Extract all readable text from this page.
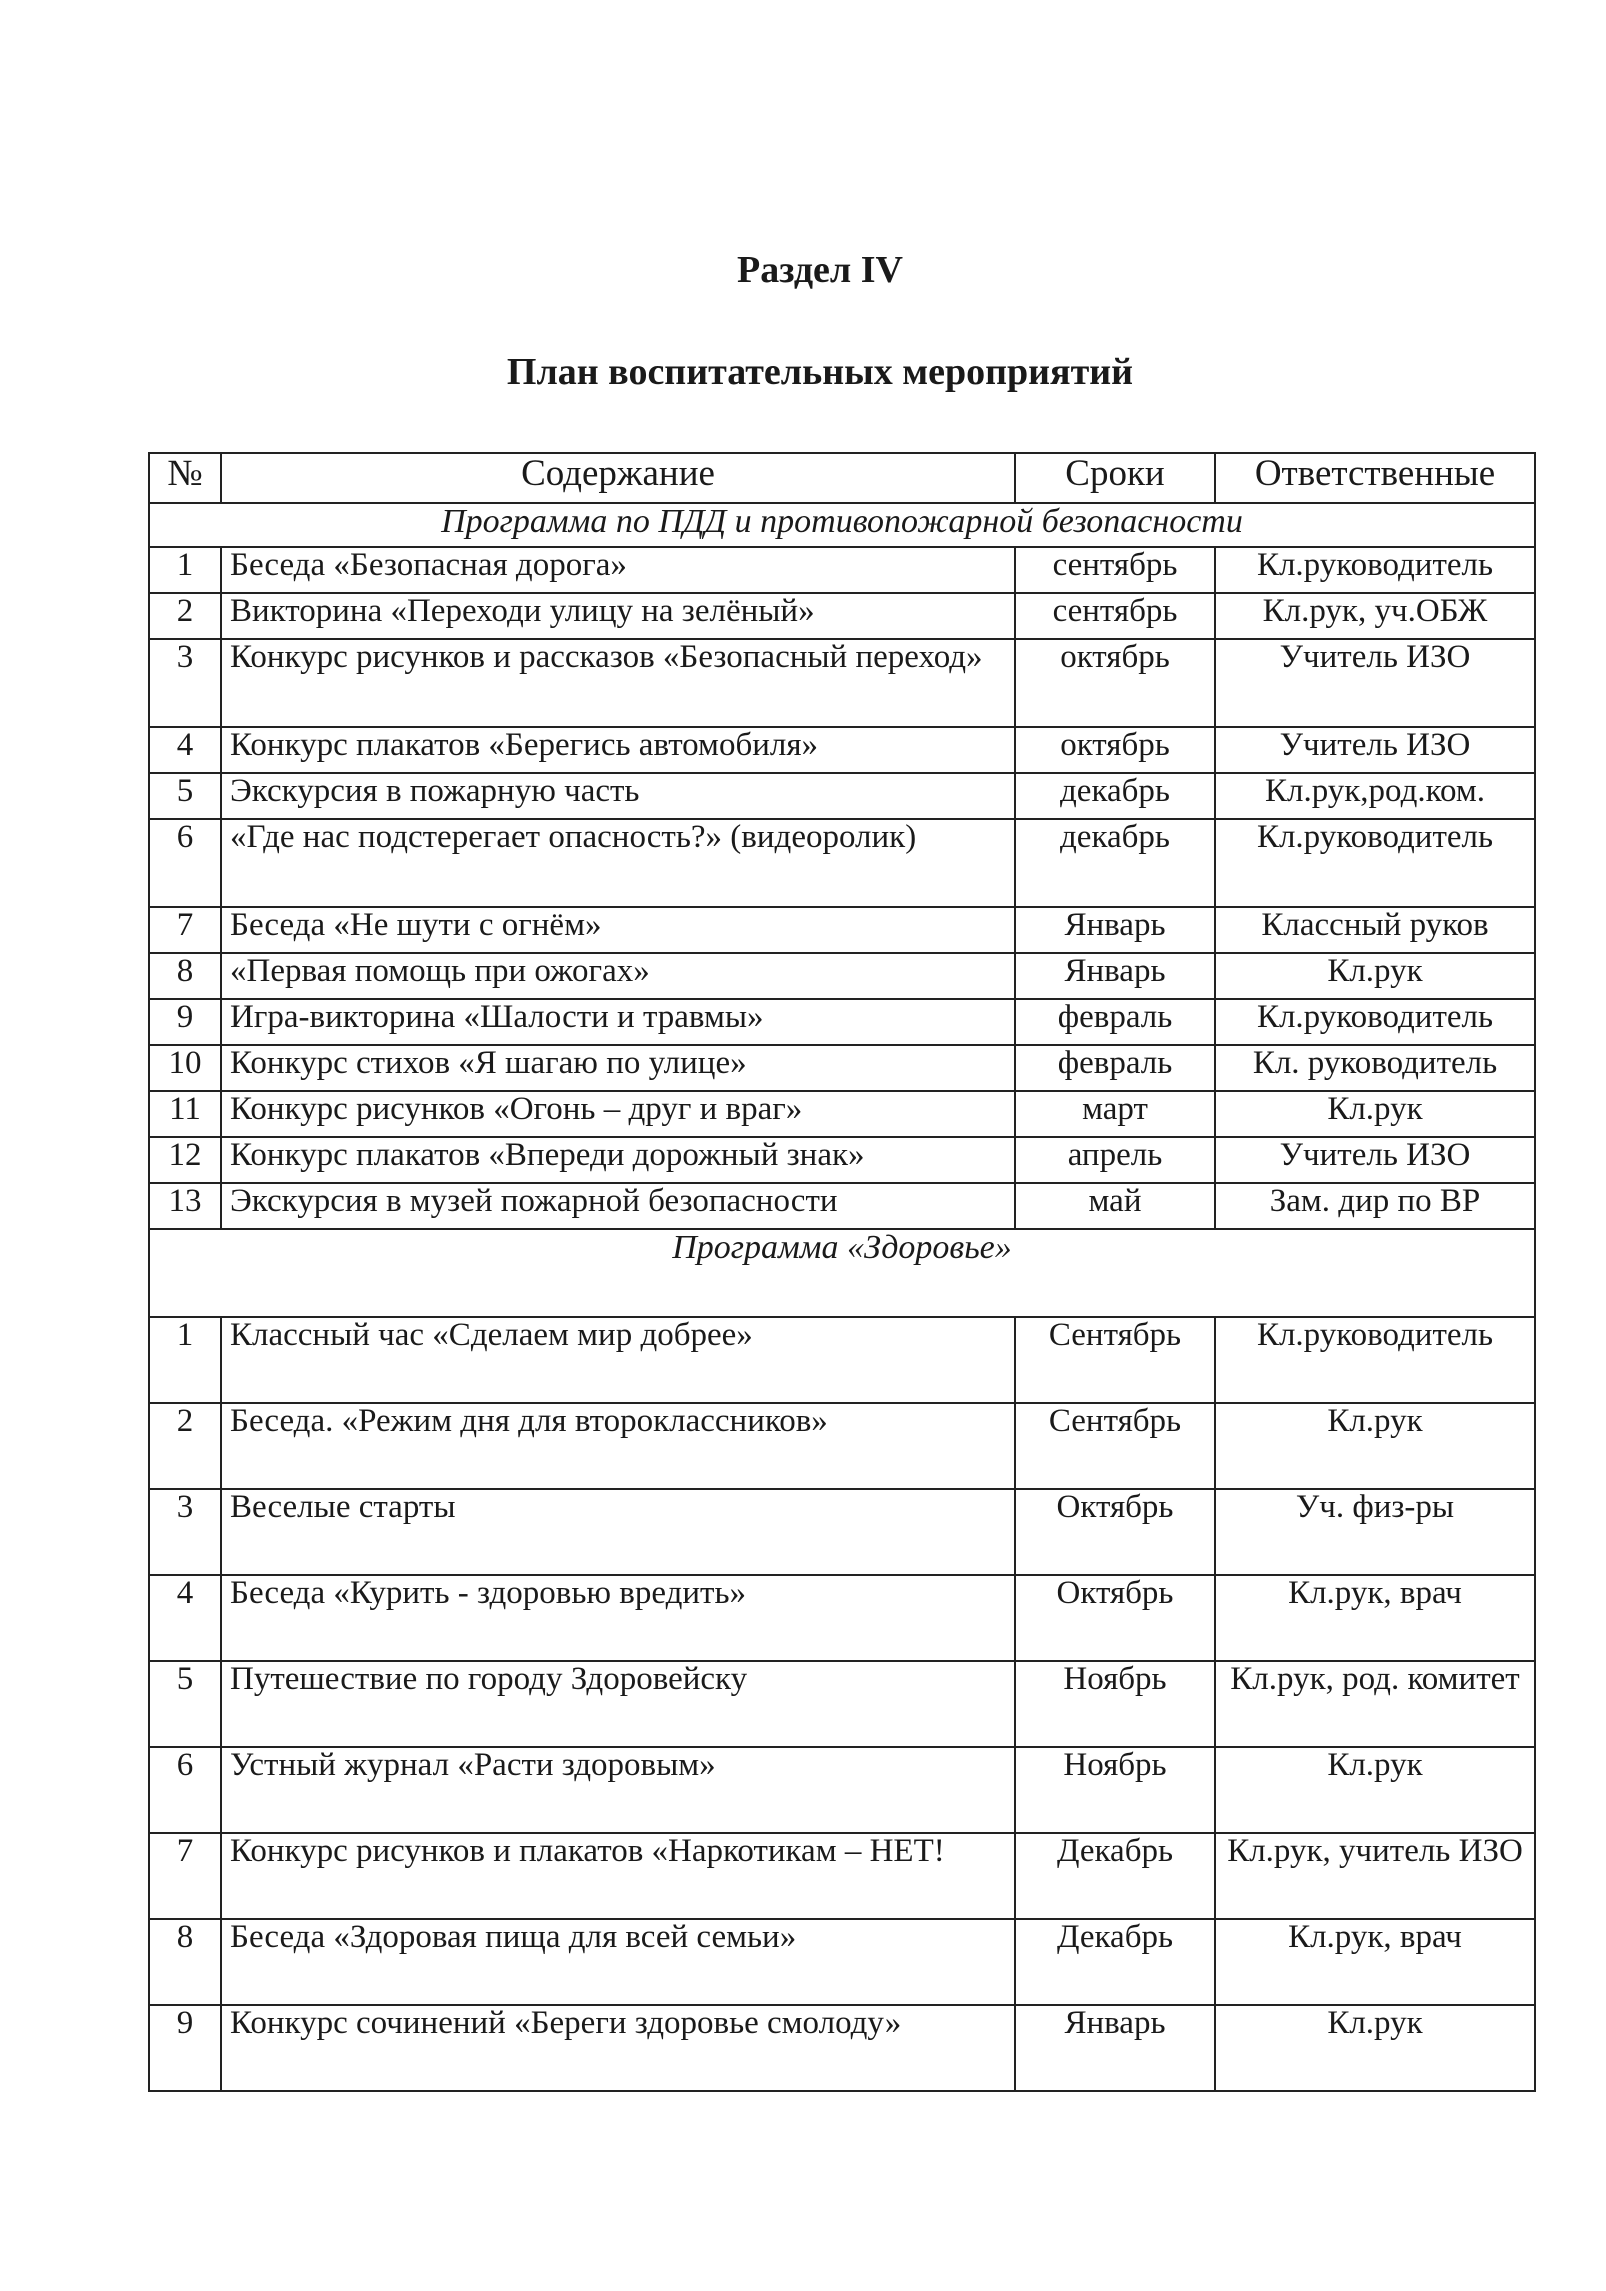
Раздел IV
План воспитательных мероприятий
№	Содержание	Сроки	Ответственные
Программа по ПДД и противопожарной безопасности			
1	Беседа «Безопасная дорога»	сентябрь	Кл.руководитель
2	Викторина «Переходи улицу на зелёный»	сентябрь	Кл.рук, уч.ОБЖ
3	Конкурс рисунков и рассказов «Безопасный переход»	октябрь	Учитель ИЗО
4	Конкурс плакатов «Берегись автомобиля»	октябрь	Учитель ИЗО
5	Экскурсия в пожарную часть	декабрь	Кл.рук,род.ком.
6	«Где нас подстерегает опасность?» (видеоролик)	декабрь	Кл.руководитель
7	Беседа «Не шути с огнём»	Январь	Классный руков
8	«Первая помощь при ожогах»	Январь	Кл.рук
9	Игра-викторина «Шалости и травмы»	февраль	Кл.руководитель
10	Конкурс стихов «Я шагаю по улице»	февраль	Кл. руководитель
11	Конкурс рисунков «Огонь – друг и враг»	март	Кл.рук
12	Конкурс плакатов «Впереди дорожный знак»	апрель	Учитель ИЗО
13	Экскурсия в музей пожарной безопасности	май	Зам. дир по ВР
Программа «Здоровье»			
1	Классный час «Сделаем мир добрее»	Сентябрь	Кл.руководитель
2	Беседа. «Режим дня для второклассников»	Сентябрь	Кл.рук
3	Веселые старты	Октябрь	Уч. физ-ры
4	Беседа «Курить - здоровью вредить»	Октябрь	Кл.рук, врач
5	Путешествие по городу Здоровейску	Ноябрь	Кл.рук, род. комитет
6	Устный журнал «Расти здоровым»	Ноябрь	Кл.рук
7	Конкурс рисунков и плакатов «Наркотикам – НЕТ!	Декабрь	Кл.рук, учитель ИЗО
8	Беседа «Здоровая пища для всей семьи»	Декабрь	Кл.рук, врач
9	Конкурс сочинений «Береги здоровье смолоду»	Январь	Кл.рук
